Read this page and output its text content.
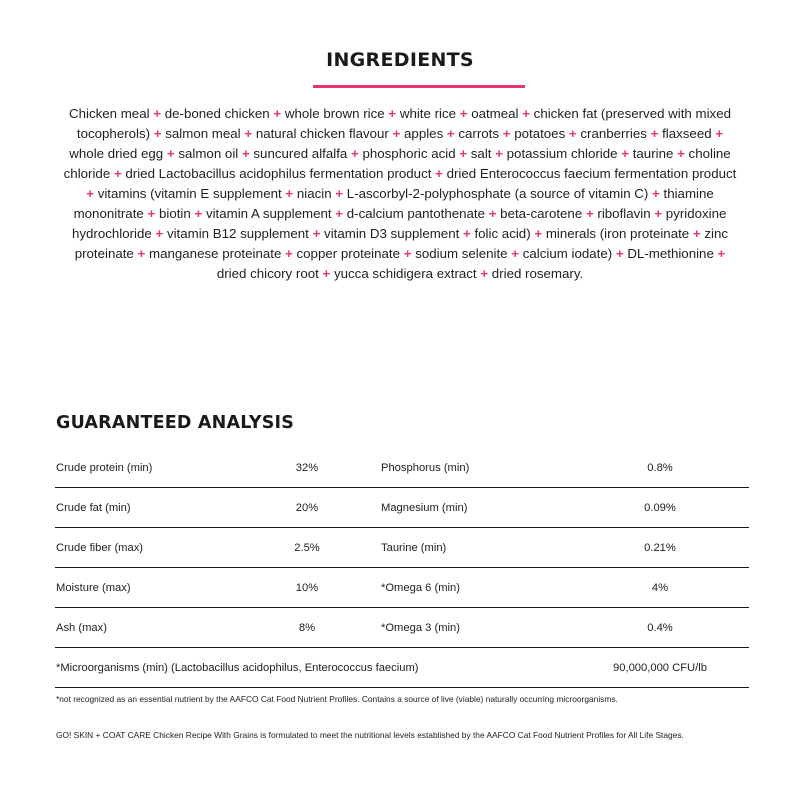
INGREDIENTS
Chicken meal + de-boned chicken + whole brown rice + white rice + oatmeal + chicken fat (preserved with mixed tocopherols) + salmon meal + natural chicken flavour + apples + carrots + potatoes + cranberries + flaxseed + whole dried egg + salmon oil + suncured alfalfa + phosphoric acid + salt + potassium chloride + taurine + choline chloride + dried Lactobacillus acidophilus fermentation product + dried Enterococcus faecium fermentation product + vitamins (vitamin E supplement + niacin + L-ascorbyl-2-polyphosphate (a source of vitamin C) + thiamine mononitrate + biotin + vitamin A supplement + d-calcium pantothenate + beta-carotene + riboflavin + pyridoxine hydrochloride + vitamin B12 supplement + vitamin D3 supplement + folic acid) + minerals (iron proteinate + zinc proteinate + manganese proteinate + copper proteinate + sodium selenite + calcium iodate) + DL-methionine + dried chicory root + yucca schidigera extract + dried rosemary.
GUARANTEED ANALYSIS
Crude protein (min)	32%	Phosphorus (min)	0.8%
Crude fat (min)	20%	Magnesium (min)	0.09%
Crude fiber (max)	2.5%	Taurine (min)	0.21%
Moisture (max)	10%	*Omega 6 (min)	4%
Ash (max)	8%	*Omega 3 (min)	0.4%
*Microorganisms (min) (Lactobacillus acidophilus, Enterococcus faecium)	90,000,000 CFU/lb
*not recognized as an essential nutrient by the AAFCO Cat Food Nutrient Profiles. Contains a source of live (viable) naturally occurring microorganisms.
GO! SKIN + COAT CARE Chicken Recipe With Grains is formulated to meet the nutritional levels established by the AAFCO Cat Food Nutrient Profiles for All Life Stages.
